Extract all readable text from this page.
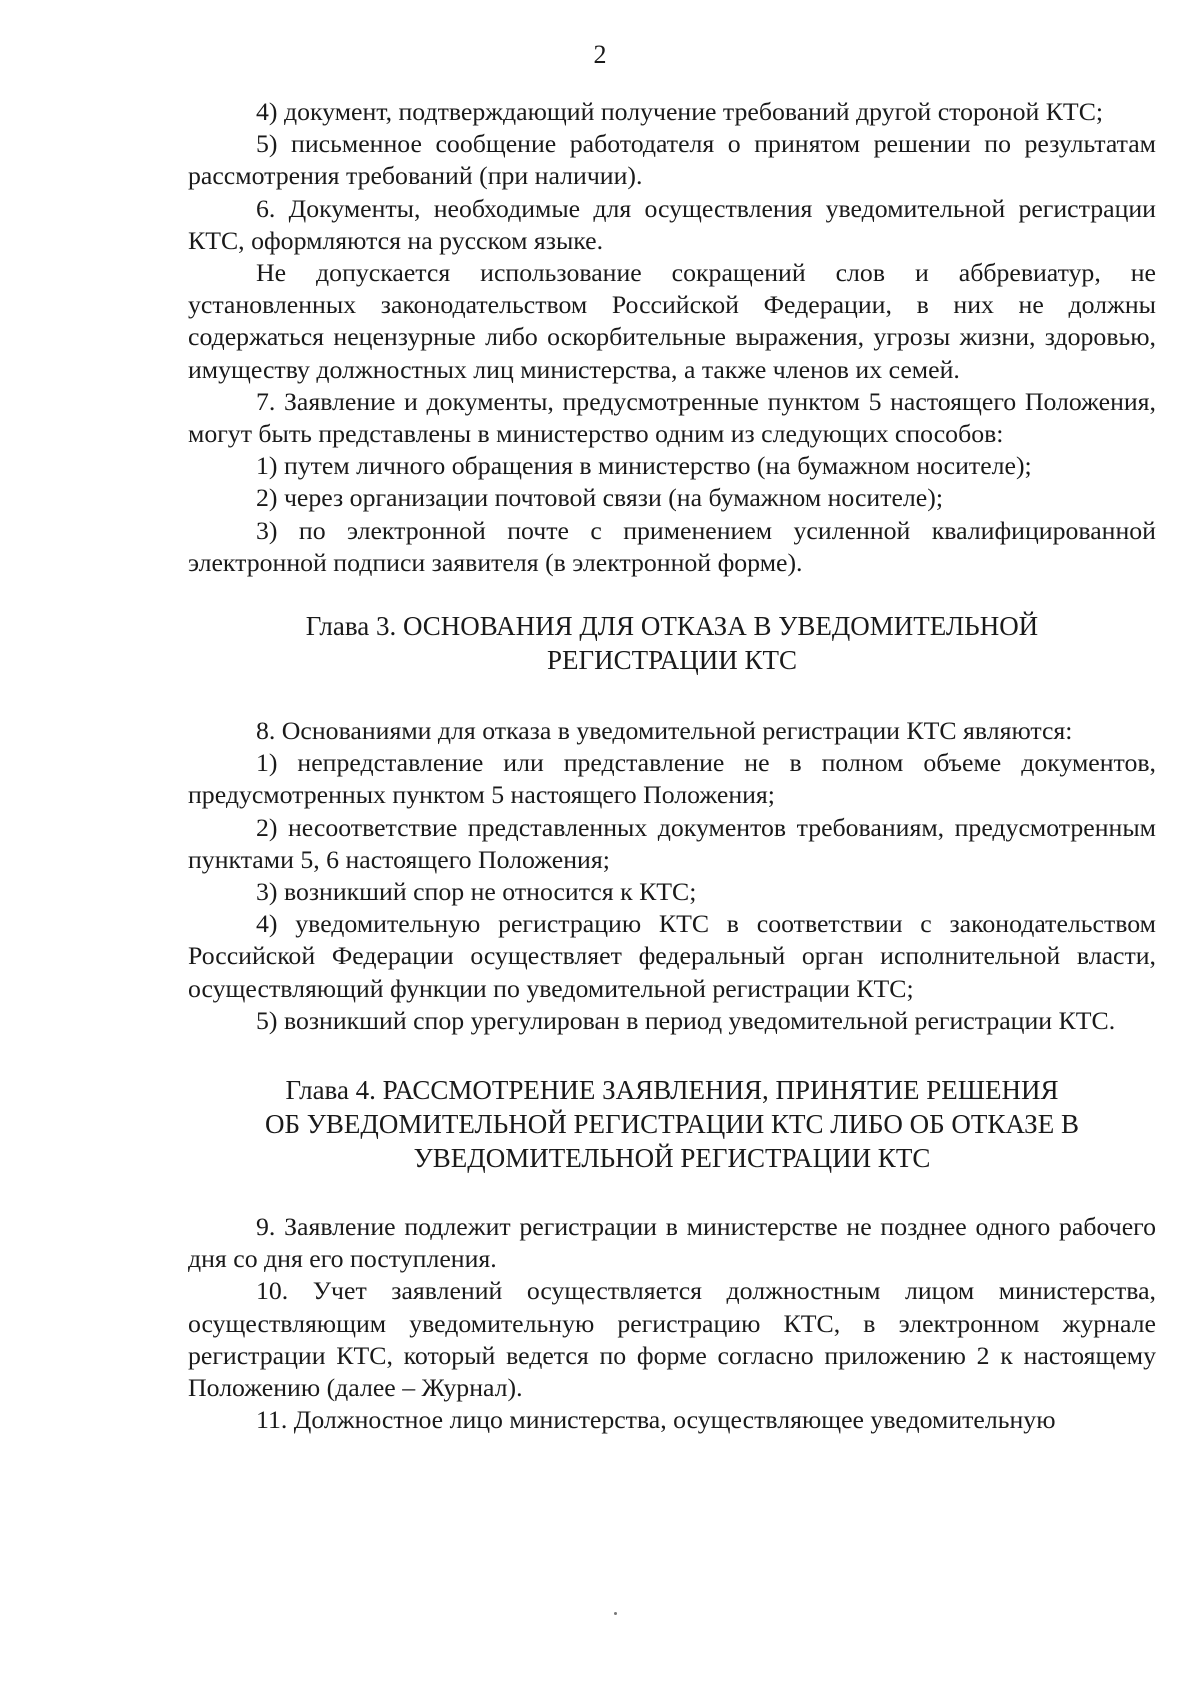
2

4) документ, подтверждающий получение требований другой стороной КТС;

5) письменное сообщение работодателя о принятом решении по результатам рассмотрения требований (при наличии).

6. Документы, необходимые для осуществления уведомительной регистрации КТС, оформляются на русском языке.

Не допускается использование сокращений слов и аббревиатур, не установленных законодательством Российской Федерации, в них не должны содержаться нецензурные либо оскорбительные выражения, угрозы жизни, здоровью, имуществу должностных лиц министерства, а также членов их семей.

7. Заявление и документы, предусмотренные пунктом 5 настоящего Положения, могут быть представлены в министерство одним из следующих способов:

1) путем личного обращения в министерство (на бумажном носителе);

2) через организации почтовой связи (на бумажном носителе);

3) по электронной почте с применением усиленной квалифицированной электронной подписи заявителя (в электронной форме).

Глава 3. ОСНОВАНИЯ ДЛЯ ОТКАЗА В УВЕДОМИТЕЛЬНОЙ
РЕГИСТРАЦИИ КТС

8. Основаниями для отказа в уведомительной регистрации КТС являются:

1) непредставление или представление не в полном объеме документов, предусмотренных пунктом 5 настоящего Положения;

2) несоответствие представленных документов требованиям, предусмотренным пунктами 5, 6 настоящего Положения;

3) возникший спор не относится к КТС;

4) уведомительную регистрацию КТС в соответствии с законодательством Российской Федерации осуществляет федеральный орган исполнительной власти, осуществляющий функции по уведомительной регистрации КТС;

5) возникший спор урегулирован в период уведомительной регистрации КТС.

Глава 4. РАССМОТРЕНИЕ ЗАЯВЛЕНИЯ, ПРИНЯТИЕ РЕШЕНИЯ
ОБ УВЕДОМИТЕЛЬНОЙ РЕГИСТРАЦИИ КТС ЛИБО ОБ ОТКАЗЕ В
УВЕДОМИТЕЛЬНОЙ РЕГИСТРАЦИИ КТС

9. Заявление подлежит регистрации в министерстве не позднее одного рабочего дня со дня его поступления.

10. Учет заявлений осуществляется должностным лицом министерства, осуществляющим уведомительную регистрацию КТС, в электронном журнале регистрации КТС, который ведется по форме согласно приложению 2 к настоящему Положению (далее – Журнал).

11. Должностное лицо министерства, осуществляющее уведомительную
